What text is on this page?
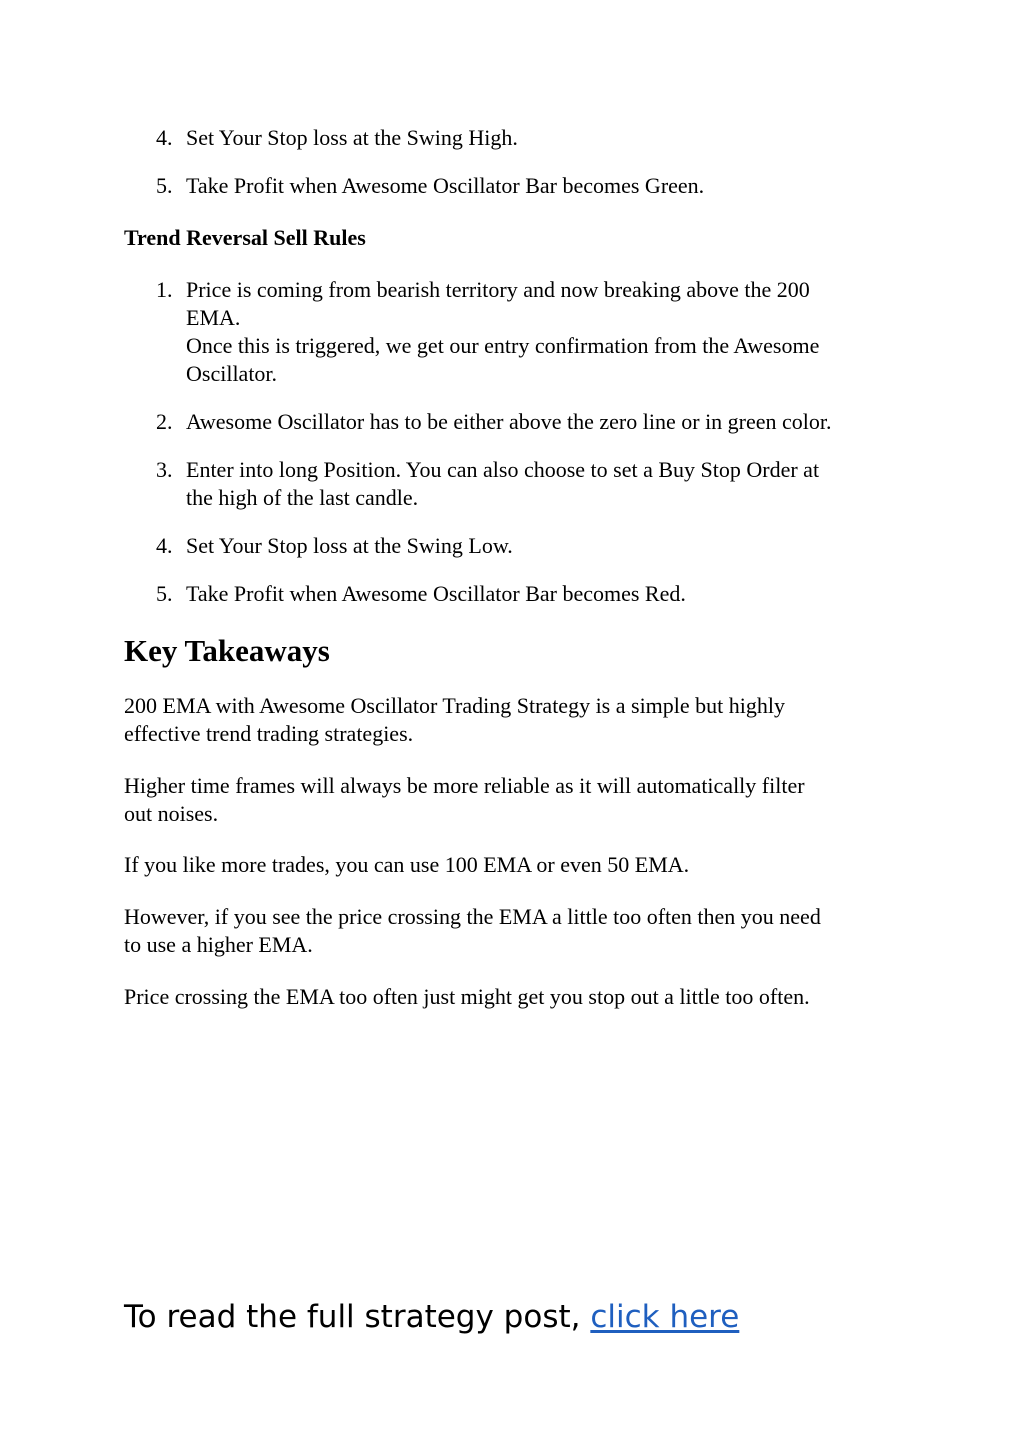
4. Set Your Stop loss at the Swing High.
5. Take Profit when Awesome Oscillator Bar becomes Green.

Trend Reversal Sell Rules

1. Price is coming from bearish territory and now breaking above the 200
EMA.
Once this is triggered, we get our entry confirmation from the Awesome
Oscillator.
2. Awesome Oscillator has to be either above the zero line or in green color.
3. Enter into long Position. You can also choose to set a Buy Stop Order at
the high of the last candle.
4. Set Your Stop loss at the Swing Low.
5. Take Profit when Awesome Oscillator Bar becomes Red.
Key Takeaways

200 EMA with Awesome Oscillator Trading Strategy is a simple but highly
effective trend trading strategies.

Higher time frames will always be more reliable as it will automatically filter
out noises.

If you like more trades, you can use 100 EMA or even 50 EMA.

However, if you see the price crossing the EMA a little too often then you need
to use a higher EMA.

Price crossing the EMA too often just might get you stop out a little too often.

To read the full strategy post, click here
